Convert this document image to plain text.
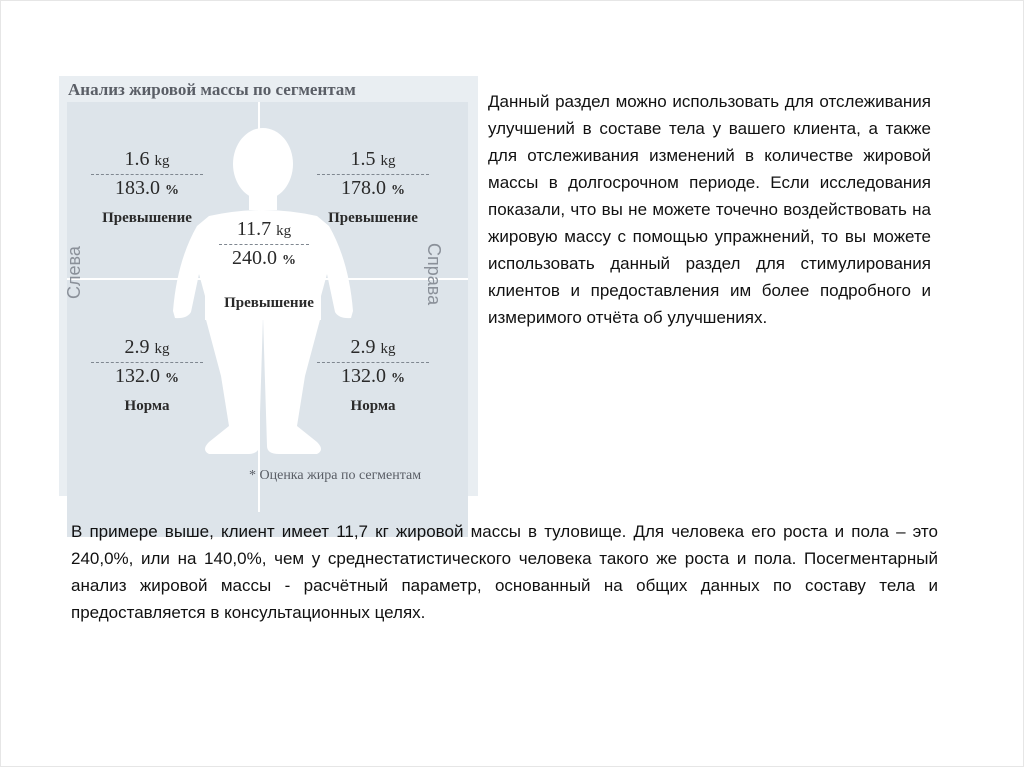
Анализ жировой массы по сегментам
Слева	Справа
1.6 kg
183.0 %
Превышение
1.5 kg
178.0 %
Превышение
11.7 kg
240.0 %
Превышение
2.9 kg
132.0 %
Норма
2.9 kg
132.0 %
Норма
* Оценка жира по сегментам
Данный раздел можно использовать для отслеживания улучшений в составе тела у вашего клиента, а также для отслеживания изменений в количестве жировой массы в долгосрочном периоде. Если исследования показали, что вы не можете точечно воздействовать на жировую массу с помощью упражнений, то вы можете использовать данный раздел для стимулирования клиентов и предоставления им более подробного и измеримого отчёта об улучшениях.
В примере выше, клиент имеет 11,7 кг жировой массы в туловище. Для человека его роста и пола – это 240,0%, или на 140,0%, чем у среднестатистического человека такого же роста и пола. Посегментарный анализ жировой массы - расчётный параметр, основанный на общих данных по составу тела и предоставляется в консультационных целях.
